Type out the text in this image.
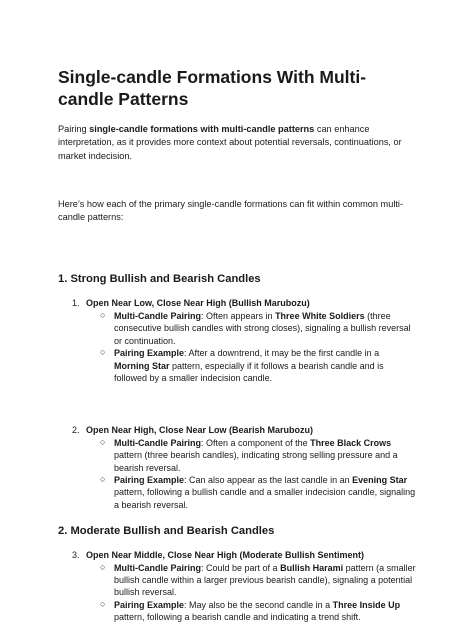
Single-candle Formations With Multi-candle Patterns

Pairing single-candle formations with multi-candle patterns can enhance interpretation, as it provides more context about potential reversals, continuations, or market indecision.

Here’s how each of the primary single-candle formations can fit within common multi-candle patterns:

1. Strong Bullish and Bearish Candles
1. Open Near Low, Close Near High (Bullish Marubozu)
○ Multi-Candle Pairing: Often appears in Three White Soldiers (three consecutive bullish candles with strong closes), signaling a bullish reversal or continuation.
○ Pairing Example: After a downtrend, it may be the first candle in a Morning Star pattern, especially if it follows a bearish candle and is followed by a smaller indecision candle.
2. Open Near High, Close Near Low (Bearish Marubozu)
○ Multi-Candle Pairing: Often a component of the Three Black Crows pattern (three bearish candles), indicating strong selling pressure and a bearish reversal.
○ Pairing Example: Can also appear as the last candle in an Evening Star pattern, following a bullish candle and a smaller indecision candle, signaling a bearish reversal.
2. Moderate Bullish and Bearish Candles
3. Open Near Middle, Close Near High (Moderate Bullish Sentiment)
○ Multi-Candle Pairing: Could be part of a Bullish Harami pattern (a smaller bullish candle within a larger previous bearish candle), signaling a potential bullish reversal.
○ Pairing Example: May also be the second candle in a Three Inside Up pattern, following a bearish candle and indicating a trend shift.
